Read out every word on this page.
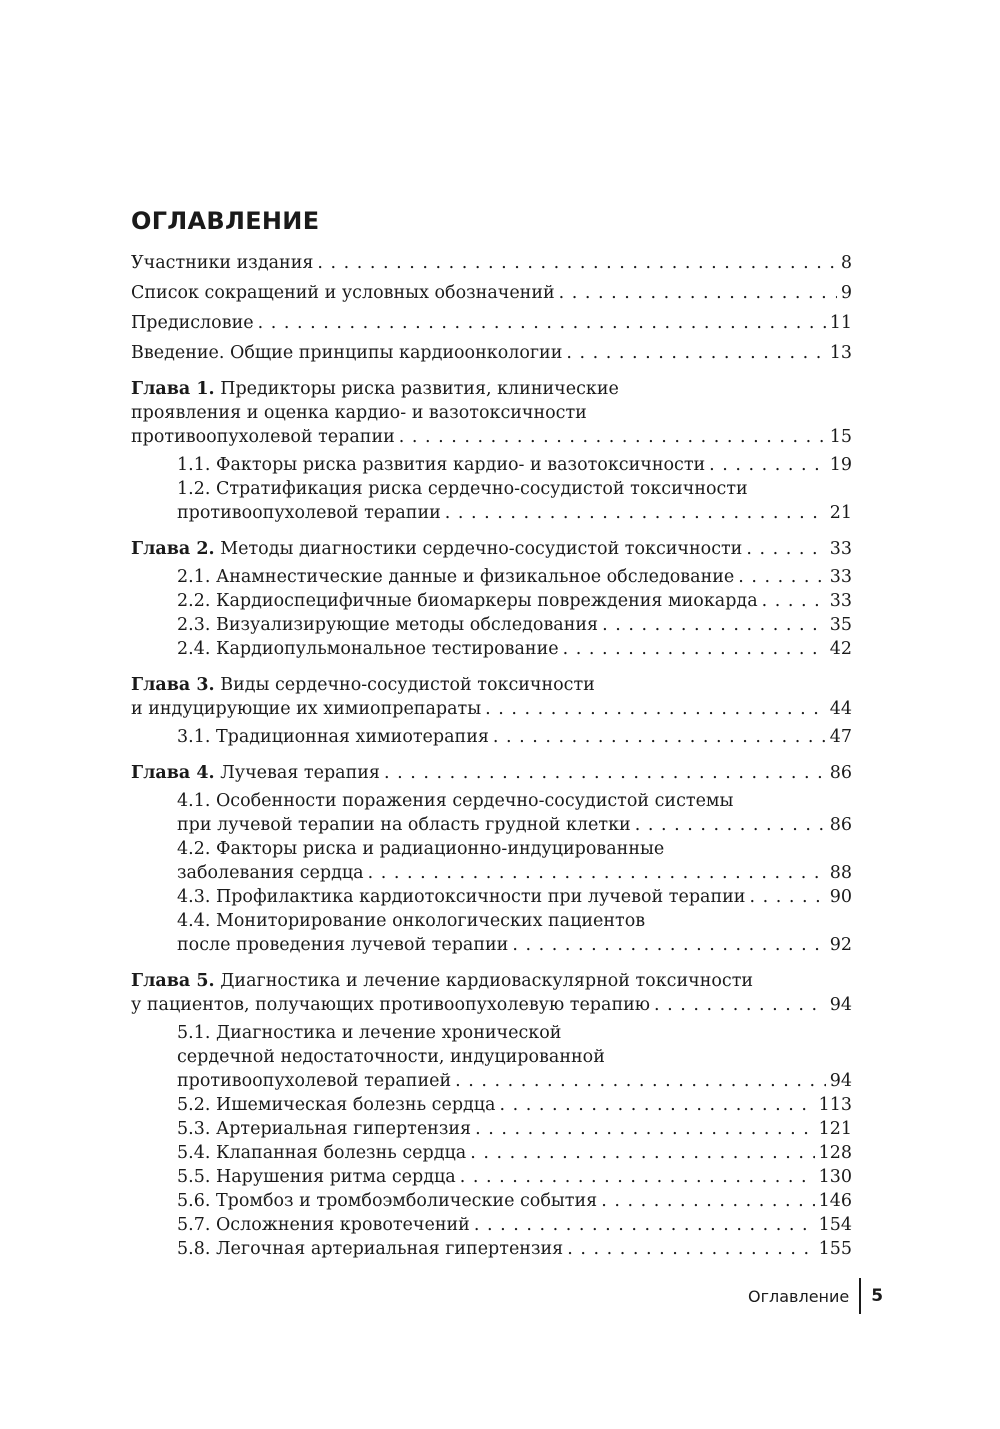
ОГЛАВЛЕНИЕ
Участники издания . . .	8
Список сокращений и условных обозначений . . .	9
Предисловие . . .	11
Введение. Общие принципы кардиоонкологии . . .	13
Глава 1. Предикторы риска развития, клинические
проявления и оценка кардио- и вазотоксичности
противоопухолевой терапии . . .	15
1.1. Факторы риска развития кардио- и вазотоксичности . . .	19
1.2. Стратификация риска сердечно-сосудистой токсичности
противоопухолевой терапии . . .	21
Глава 2. Методы диагностики сердечно-сосудистой токсичности . . .	33
2.1. Анамнестические данные и физикальное обследование . . .	33
2.2. Кардиоспецифичные биомаркеры повреждения миокарда . . .	33
2.3. Визуализирующие методы обследования . . .	35
2.4. Кардиопульмональное тестирование . . .	42
Глава 3. Виды сердечно-сосудистой токсичности
и индуцирующие их химиопрепараты . . .	44
3.1. Традиционная химиотерапия . . .	47
Глава 4. Лучевая терапия . . .	86
4.1. Особенности поражения сердечно-сосудистой системы
при лучевой терапии на область грудной клетки . . .	86
4.2. Факторы риска и радиационно-индуцированные
заболевания сердца . . .	88
4.3. Профилактика кардиотоксичности при лучевой терапии . . .	90
4.4. Мониторирование онкологических пациентов
после проведения лучевой терапии . . .	92
Глава 5. Диагностика и лечение кардиоваскулярной токсичности
у пациентов, получающих противоопухолевую терапию . . .	94
5.1. Диагностика и лечение хронической
сердечной недостаточности, индуцированной
противоопухолевой терапией . . .	94
5.2. Ишемическая болезнь сердца . . .	113
5.3. Артериальная гипертензия . . .	121
5.4. Клапанная болезнь сердца . . .	128
5.5. Нарушения ритма сердца . . .	130
5.6. Тромбоз и тромбоэмболические события . . .	146
5.7. Осложнения кровотечений . . .	154
5.8. Легочная артериальная гипертензия . . .	155
Оглавление	5
